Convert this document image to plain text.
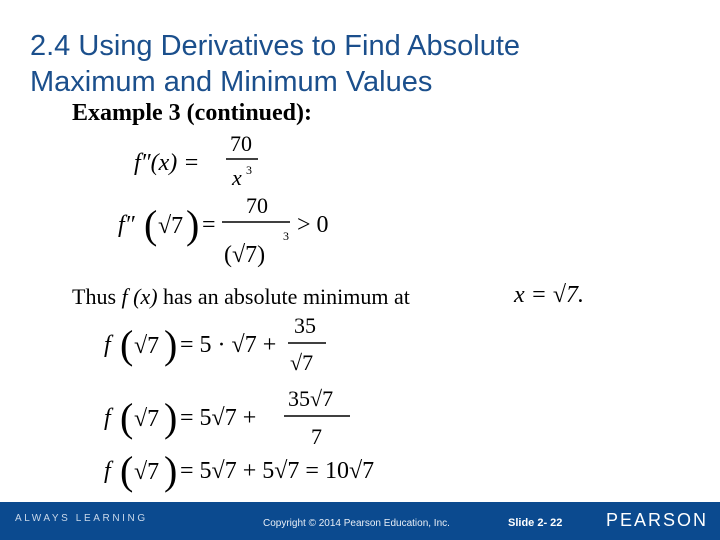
2.4 Using Derivatives to Find Absolute
Maximum and Minimum Values
Example 3 (continued):
Thus f (x) has an absolute minimum at
f″(x) =
70
x 3
f″ ( √7 ) =
70
(√7)
3 > 0
x = √7.
f ( √7 ) = 5 · √7 +
35
√7
f ( √7 ) = 5√7 +
35√7
7
f ( √7 ) = 5√7 + 5√7 = 10√7
ALWAYS LEARNING	Copyright © 2014 Pearson Education, Inc.	Slide 2- 22 PEARSON
